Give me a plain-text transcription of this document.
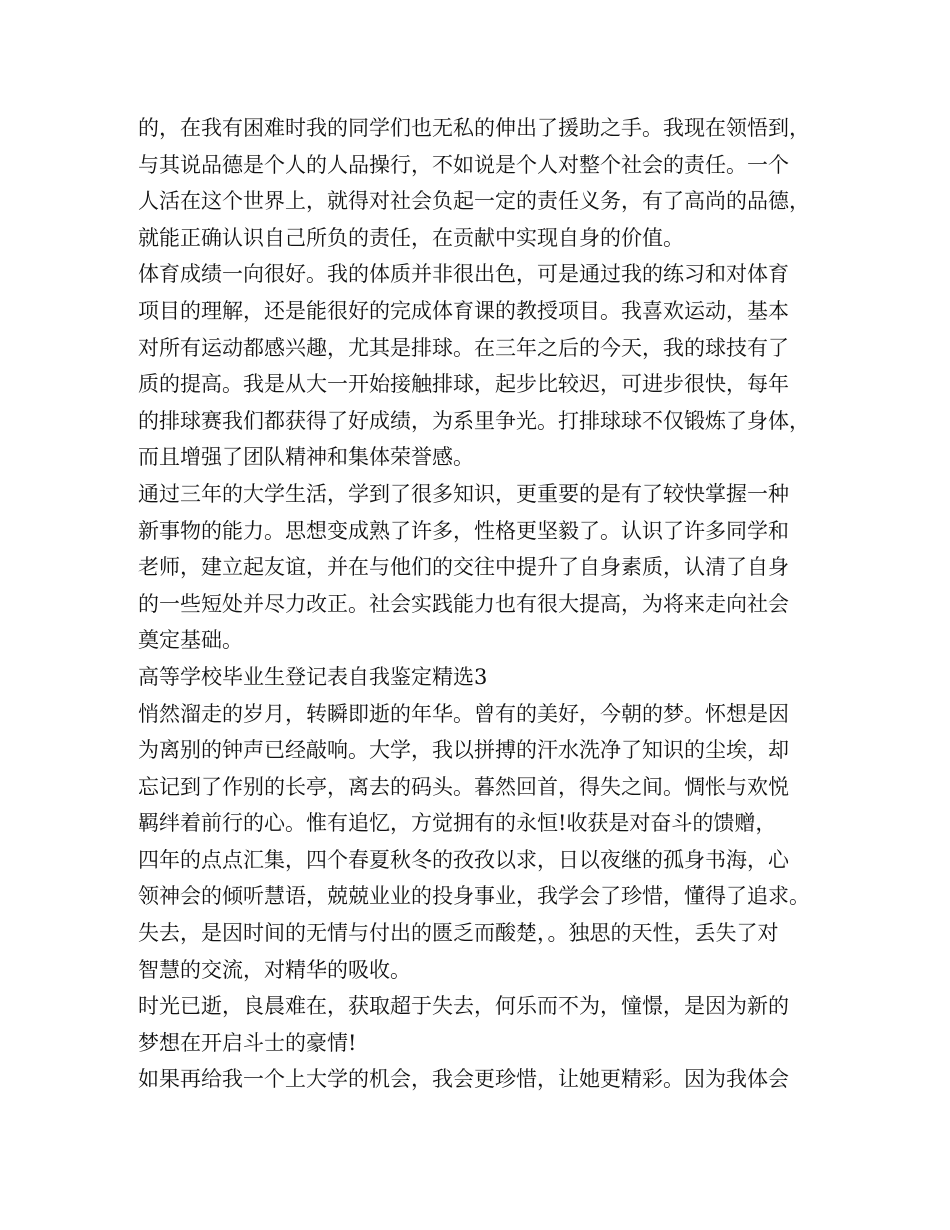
的，在我有困难时我的同学们也无私的伸出了援助之手。我现在领悟到，
与其说品德是个人的人品操行，不如说是个人对整个社会的责任。一个
人活在这个世界上，就得对社会负起一定的责任义务，有了高尚的品德，
就能正确认识自己所负的责任，在贡献中实现自身的价值。
体育成绩一向很好。我的体质并非很出色，可是通过我的练习和对体育
项目的理解，还是能很好的完成体育课的教授项目。我喜欢运动，基本
对所有运动都感兴趣，尤其是排球。在三年之后的今天，我的球技有了
质的提高。我是从大一开始接触排球，起步比较迟，可进步很快，每年
的排球赛我们都获得了好成绩，为系里争光。打排球球不仅锻炼了身体，
而且增强了团队精神和集体荣誉感。
通过三年的大学生活，学到了很多知识，更重要的是有了较快掌握一种
新事物的能力。思想变成熟了许多，性格更坚毅了。认识了许多同学和
老师，建立起友谊，并在与他们的交往中提升了自身素质，认清了自身
的一些短处并尽力改正。社会实践能力也有很大提高，为将来走向社会
奠定基础。
高等学校毕业生登记表自我鉴定精选3
悄然溜走的岁月，转瞬即逝的年华。曾有的美好，今朝的梦。怀想是因
为离别的钟声已经敲响。大学，我以拼搏的汗水洗净了知识的尘埃，却
忘记到了作别的长亭，离去的码头。暮然回首，得失之间。惆怅与欢悦
羁绊着前行的心。惟有追忆，方觉拥有的永恒!收获是对奋斗的馈赠，
四年的点点汇集，四个春夏秋冬的孜孜以求，日以夜继的孤身书海，心
领神会的倾听慧语，兢兢业业的投身事业，我学会了珍惜，懂得了追求。
失去，是因时间的无情与付出的匮乏而酸楚，。独思的天性，丢失了对
智慧的交流，对精华的吸收。
时光已逝，良晨难在，获取超于失去，何乐而不为，憧憬，是因为新的
梦想在开启斗士的豪情!
如果再给我一个上大学的机会，我会更珍惜，让她更精彩。因为我体会
